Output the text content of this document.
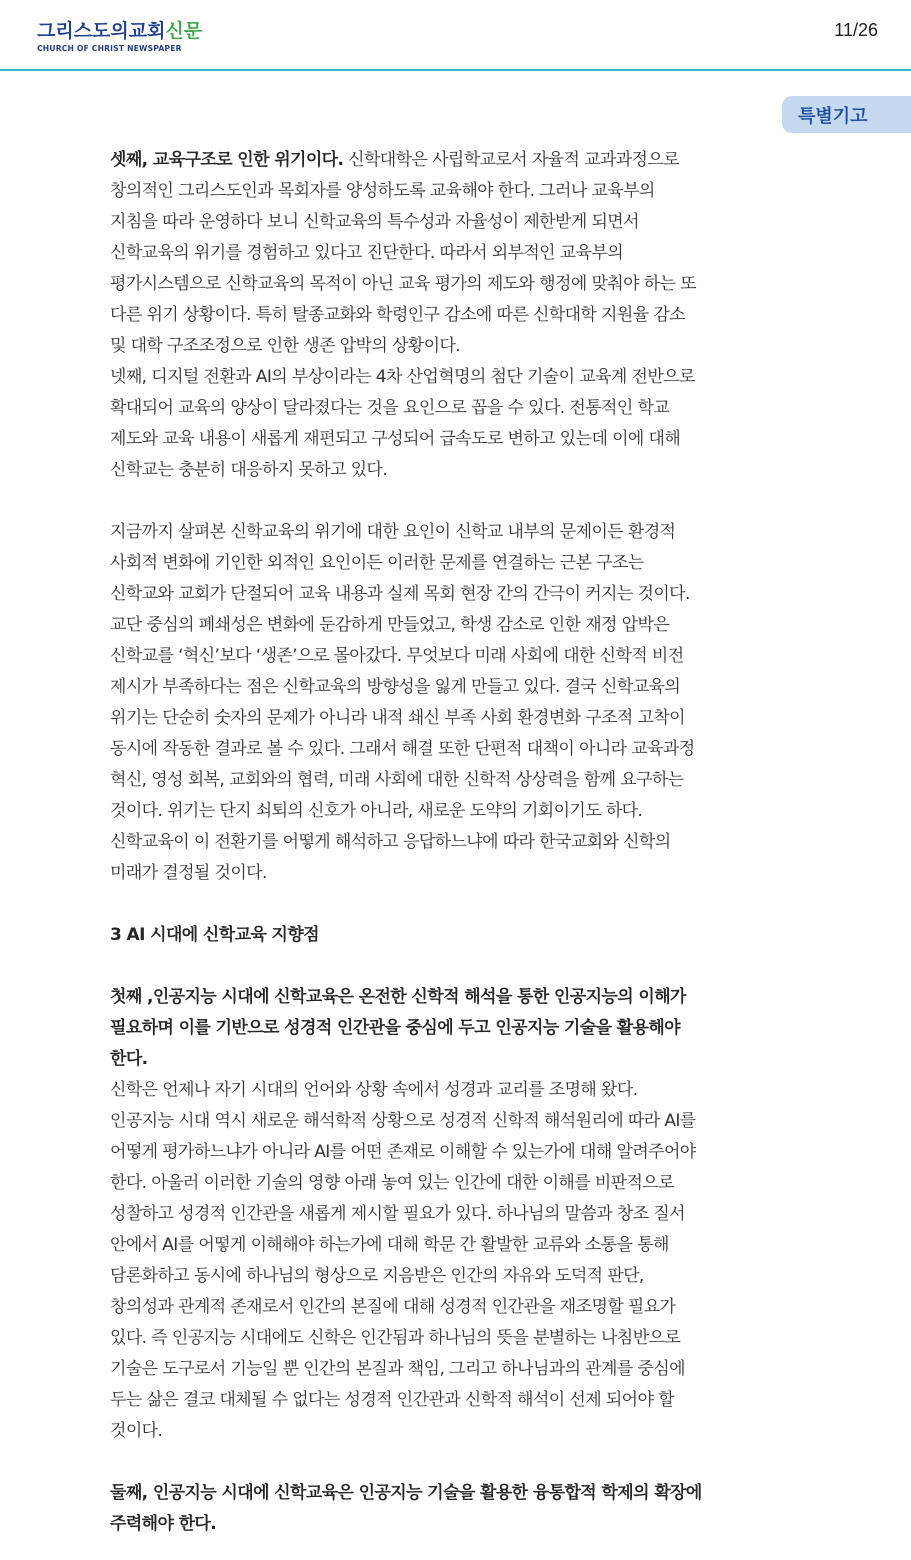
그리스도의교회신문
CHURCH OF CHRIST NEWSPAPER
11/26
특별기고
셋째, 교육구조로 인한 위기이다. 신학대학은 사립학교로서 자율적 교과과정으로
창의적인 그리스도인과 목회자를 양성하도록 교육해야 한다. 그러나 교육부의
지침을 따라 운영하다 보니 신학교육의 특수성과 자율성이 제한받게 되면서
신학교육의 위기를 경험하고 있다고 진단한다. 따라서 외부적인 교육부의
평가시스템으로 신학교육의 목적이 아닌 교육 평가의 제도와 행정에 맞춰야 하는 또
다른 위기 상황이다. 특히 탈종교화와 학령인구 감소에 따른 신학대학 지원율 감소
및 대학 구조조정으로 인한 생존 압박의 상황이다.
넷째, 디지털 전환과 AI의 부상이라는 4차 산업혁명의 첨단 기술이 교육계 전반으로
확대되어 교육의 양상이 달라졌다는 것을 요인으로 꼽을 수 있다. 전통적인 학교
제도와 교육 내용이 새롭게 재편되고 구성되어 급속도로 변하고 있는데 이에 대해
신학교는 충분히 대응하지 못하고 있다.
지금까지 살펴본 신학교육의 위기에 대한 요인이 신학교 내부의 문제이든 환경적
사회적 변화에 기인한 외적인 요인이든 이러한 문제를 연결하는 근본 구조는
신학교와 교회가 단절되어 교육 내용과 실제 목회 현장 간의 간극이 커지는 것이다.
교단 중심의 폐쇄성은 변화에 둔감하게 만들었고, 학생 감소로 인한 재정 압박은
신학교를 ‘혁신’보다 ‘생존’으로 몰아갔다. 무엇보다 미래 사회에 대한 신학적 비전
제시가 부족하다는 점은 신학교육의 방향성을 잃게 만들고 있다. 결국 신학교육의
위기는 단순히 숫자의 문제가 아니라 내적 쇄신 부족 사회 환경변화 구조적 고착이
동시에 작동한 결과로 볼 수 있다. 그래서 해결 또한 단편적 대책이 아니라 교육과정
혁신, 영성 회복, 교회와의 협력, 미래 사회에 대한 신학적 상상력을 함께 요구하는
것이다. 위기는 단지 쇠퇴의 신호가 아니라, 새로운 도약의 기회이기도 하다.
신학교육이 이 전환기를 어떻게 해석하고 응답하느냐에 따라 한국교회와 신학의
미래가 결정될 것이다.
3 AI 시대에 신학교육 지향점
첫째 ,인공지능 시대에 신학교육은 온전한 신학적 해석을 통한 인공지능의 이해가
필요하며 이를 기반으로 성경적 인간관을 중심에 두고 인공지능 기술을 활용해야
한다.
신학은 언제나 자기 시대의 언어와 상황 속에서 성경과 교리를 조명해 왔다.
인공지능 시대 역시 새로운 해석학적 상황으로 성경적 신학적 해석원리에 따라 AI를
어떻게 평가하느냐가 아니라 AI를 어떤 존재로 이해할 수 있는가에 대해 알려주어야
한다. 아울러 이러한 기술의 영향 아래 놓여 있는 인간에 대한 이해를 비판적으로
성찰하고 성경적 인간관을 새롭게 제시할 필요가 있다. 하나님의 말씀과 창조 질서
안에서 AI를 어떻게 이해해야 하는가에 대해 학문 간 활발한 교류와 소통을 통해
담론화하고 동시에 하나님의 형상으로 지음받은 인간의 자유와 도덕적 판단,
창의성과 관계적 존재로서 인간의 본질에 대해 성경적 인간관을 재조명할 필요가
있다. 즉 인공지능 시대에도 신학은 인간됨과 하나님의 뜻을 분별하는 나침반으로
기술은 도구로서 기능일 뿐 인간의 본질과 책임, 그리고 하나님과의 관계를 중심에
두는 삶은 결코 대체될 수 없다는 성경적 인간관과 신학적 해석이 선제 되어야 할
것이다.
둘째, 인공지능 시대에 신학교육은 인공지능 기술을 활용한 융통합적 학제의 확장에
주력해야 한다.
